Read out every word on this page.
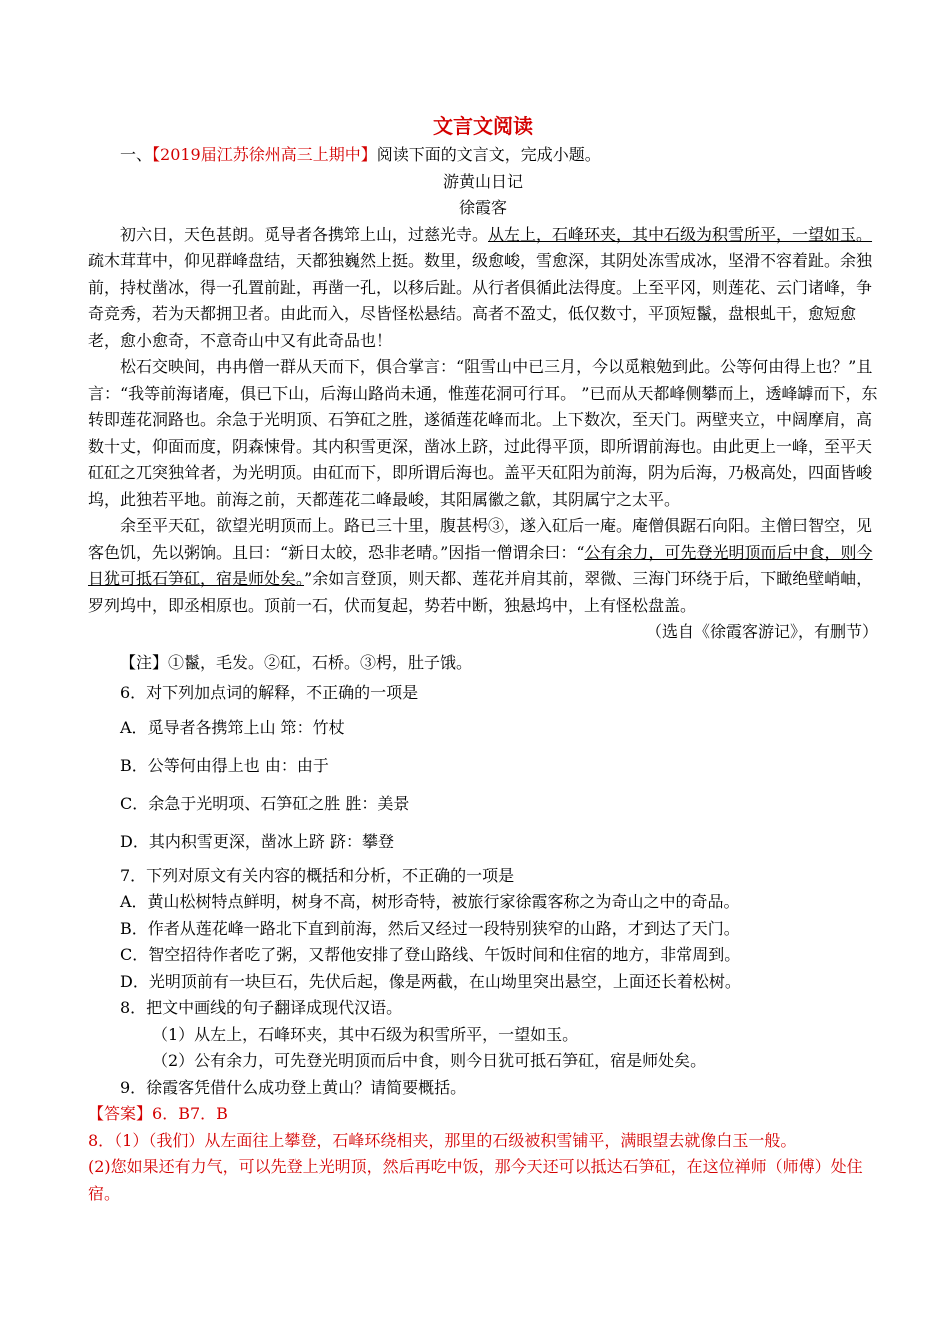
文言文阅读

一、【2019届江苏徐州高三上期中】阅读下面的文言文，完成小题。

游黄山日记

徐霞客

初六日，天色甚朗。觅导者各携筇上山，过慈光寺。从左上，石峰环夹，其中石级为积雪所平，一望如玉。疏木茸茸中，仰见群峰盘结，天都独巍然上挺。数里，级愈峻，雪愈深，其阴处冻雪成冰，坚滑不容着趾。余独前，持杖凿冰，得一孔置前趾，再凿一孔，以移后趾。从行者俱循此法得度。上至平冈，则莲花、云门诸峰，争奇竞秀，若为天都拥卫者。由此而入，尽皆怪松悬结。高者不盈丈，低仅数寸，平顶短鬣，盘根虬干，愈短愈老，愈小愈奇，不意奇山中又有此奇品也！

松石交映间，冉冉僧一群从天而下，俱合掌言：“阻雪山中已三月，今以觅粮勉到此。公等何由得上也？”且言：“我等前海诸庵，俱已下山，后海山路尚未通，惟莲花洞可行耳。 ”已而从天都峰侧攀而上，透峰罅而下，东转即莲花洞路也。余急于光明顶、石笋矼之胜，遂循莲花峰而北。上下数次，至天门。两壁夹立，中阔摩肩，高数十丈，仰面而度，阴森悚骨。其内积雪更深，凿冰上跻，过此得平顶，即所谓前海也。由此更上一峰，至平天矼矼之兀突独耸者，为光明顶。由矼而下，即所谓后海也。盖平天矼阳为前海，阴为后海，乃极高处，四面皆峻坞，此独若平地。前海之前，天都莲花二峰最峻，其阳属徽之歙，其阴属宁之太平。

余至平天矼，欲望光明顶而上。路已三十里，腹甚枵③，遂入矼后一庵。庵僧俱踞石向阳。主僧曰智空，见客色饥，先以粥饷。且曰：“新日太皎，恐非老晴。”因指一僧谓余曰：“公有余力，可先登光明顶而后中食，则今日犹可抵石笋矼，宿是师处矣。”余如言登顶，则天都、莲花并肩其前，翠微、三海门环绕于后，下瞰绝壁峭岫，罗列坞中，即丞相原也。顶前一石，伏而复起，势若中断，独悬坞中，上有怪松盘盖。

（选自《徐霞客游记》，有删节）

【注】①鬣，毛发。②矼，石桥。③枵，肚子饿。

6．对下列加点词的解释，不正确的一项是

A．觅导者各携筇上山 筇：竹杖
B．公等何由得上也 由：由于
C．余急于光明项、石笋矼之胜 胜：美景
D．其内积雪更深，凿冰上跻 跻：攀登

7．下列对原文有关内容的概括和分析，不正确的一项是

A．黄山松树特点鲜明，树身不高，树形奇特，被旅行家徐霞客称之为奇山之中的奇品。

B．作者从莲花峰一路北下直到前海，然后又经过一段特别狭窄的山路，才到达了天门。

C．智空招待作者吃了粥，又帮他安排了登山路线、午饭时间和住宿的地方，非常周到。

D．光明顶前有一块巨石，先伏后起，像是两截，在山坳里突出悬空，上面还长着松树。

8．把文中画线的句子翻译成现代汉语。

（1）从左上，石峰环夹，其中石级为积雪所平，一望如玉。

（2）公有余力，可先登光明顶而后中食，则今日犹可抵石笋矼，宿是师处矣。

9．徐霞客凭借什么成功登上黄山？请简要概括。

【答案】6．B7．B

8．（1）（我们）从左面往上攀登，石峰环绕相夹，那里的石级被积雪铺平，满眼望去就像白玉一般。

(2)您如果还有力气，可以先登上光明顶，然后再吃中饭，那今天还可以抵达石笋矼，在这位禅师（师傅）处住宿。
